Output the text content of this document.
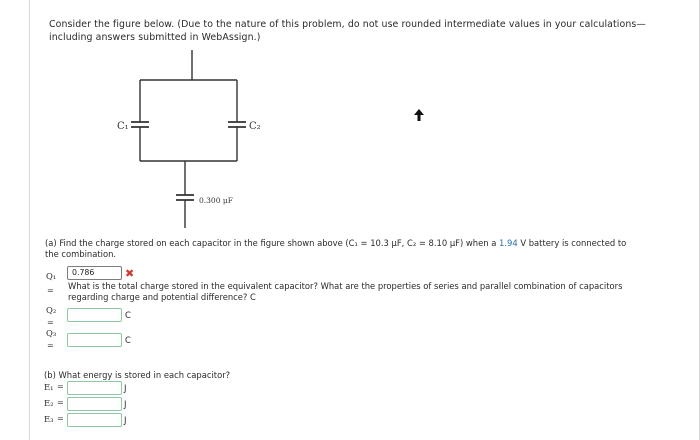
Consider the figure below. (Due to the nature of this problem, do not use rounded intermediate values in your calculations—including answers submitted in WebAssign.)
C₁	C₂
0.300 μF
(a) Find the charge stored on each capacitor in the figure shown above (C₁ = 10.3 μF, C₂ = 8.10 μF) when a 1.94 V battery is connected to the combination.
Q₁
=
0.786	✖
What is the total charge stored in the equivalent capacitor? What are the properties of series and parallel combination of capacitors regarding charge and potential difference? C
Q₂
=
C
Q₃
=
C
(b) What energy is stored in each capacitor?
E₁ =	J
E₂ =	J
E₃ =	J
